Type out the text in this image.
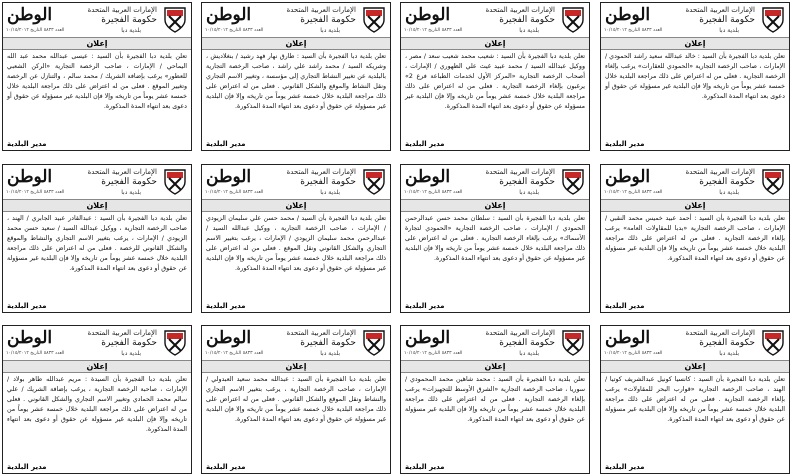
الإمارات العربية المتحدة
حكومة الفجيرة
بلدية دبا
الوطن
العدد ٥٨٣٣ التاريخ ١٠/١٥/٢٠١٢
إعلان
تعلن بلدية دبا الفجيرة بأن السيد : خالد عبدالله سعيد راشد الحمودي / الإمارات ، صاحب الرخصة التجارية «الحمودي للعقارات» يرغب بإلغاء الرخصة التجارية . فعلى من له اعتراض على ذلك مراجعة البلدية خلال خمسة عشر يوماً من تاريخه وإلا فإن البلدية غير مسؤولة عن حقوق أو دعوى بعد انتهاء المدة المذكورة.
مدير البلدية
الإمارات العربية المتحدة
حكومة الفجيرة
بلدية دبا
الوطن
العدد ٥٨٣٣ التاريخ ١٠/١٥/٢٠١٢
إعلان
تعلن بلدية دبا الفجيرة بأن السيد : شعيب محمد شعيب سعد / مصر ، ووكيل عبدالله السيد / محمد عبيد غيث علي الظهوري / الإمارات ، أصحاب الرخصة التجارية «المركز الأول لخدمات الطباعة فرع 2» يرغبون بإلغاء الرخصة التجارية . فعلى من له اعتراض على ذلك مراجعة البلدية خلال خمسة عشر يوماً من تاريخه وإلا فإن البلدية غير مسؤولة عن حقوق أو دعوى بعد انتهاء المدة المذكورة.
مدير البلدية
الإمارات العربية المتحدة
حكومة الفجيرة
بلدية دبا
الوطن
العدد ٥٨٣٣ التاريخ ١٠/١٥/٢٠١٢
إعلان
تعلن بلدية دبا الفجيرة بأن السيد : طارق نهار فهد رشيد / بنغلاديش ، وشريكه السيد / محمد راشد علي راشد ، صاحب الرخصة التجارية بالبلدية عن تغيير النشاط التجاري إلى مؤسسة ، وتغيير الاسم التجاري ونقل النشاط والموقع والشكل القانوني . فعلى من له اعتراض على ذلك مراجعة البلدية خلال خمسة عشر يوماً من تاريخه وإلا فإن البلدية غير مسؤولة عن حقوق أو دعوى بعد انتهاء المدة المذكورة.
مدير البلدية
الإمارات العربية المتحدة
حكومة الفجيرة
بلدية دبا
الوطن
العدد ٥٨٣٣ التاريخ ١٠/١٥/٢٠١٢
إعلان
تعلن بلدية دبا الفجيرة بأن السيد : عيسى عبدالله محمد عبد الله اليماحي / الإمارات ، صاحب الرخصة التجارية «الركن الشعبي للعطور» يرغب بإضافة الشريك / محمد سالم ، والتنازل عن الرخصة وتغيير الموقع . فعلى من له اعتراض على ذلك مراجعة البلدية خلال خمسة عشر يوماً من تاريخه وإلا فإن البلدية غير مسؤولة عن حقوق أو دعوى بعد انتهاء المدة المذكورة.
مدير البلدية
الإمارات العربية المتحدة
حكومة الفجيرة
بلدية دبا
الوطن
العدد ٥٨٣٣ التاريخ ١٠/١٥/٢٠١٢
إعلان
تعلن بلدية دبا الفجيرة بأن السيد : أحمد عبيد خميس محمد النقبي / الإمارات ، صاحب الرخصة التجارية «بدبا للمقاولات العامة» يرغب بإلغاء الرخصة التجارية . فعلى من له اعتراض على ذلك مراجعة البلدية خلال خمسة عشر يوماً من تاريخه وإلا فإن البلدية غير مسؤولة عن حقوق أو دعوى بعد انتهاء المدة المذكورة.
مدير البلدية
الإمارات العربية المتحدة
حكومة الفجيرة
بلدية دبا
الوطن
العدد ٥٨٣٣ التاريخ ١٠/١٥/٢٠١٢
إعلان
تعلن بلدية دبا الفجيرة بأن السيد : سلطان محمد حسن عبدالرحمن الحمودي / الإمارات ، صاحب الرخصة التجارية «الحمودي لتجارة الأسماك» يرغب بإلغاء الرخصة التجارية . فعلى من له اعتراض على ذلك مراجعة البلدية خلال خمسة عشر يوماً من تاريخه وإلا فإن البلدية غير مسؤولة عن حقوق أو دعوى بعد انتهاء المدة المذكورة.
مدير البلدية
الإمارات العربية المتحدة
حكومة الفجيرة
بلدية دبا
الوطن
العدد ٥٨٣٣ التاريخ ١٠/١٥/٢٠١٢
إعلان
تعلن بلدية دبا الفجيرة بأن السيد / محمد حسن علي سليمان الزيودي / الإمارات ، صاحب الرخصة التجارية ، ووكيل عبدالله السيد / عبدالرحمن محمد سليمان الزيودي / الإمارات ، يرغب بتغيير الاسم التجاري والشكل القانوني ونقل الموقع . فعلى من له اعتراض على ذلك مراجعة البلدية خلال خمسة عشر يوماً من تاريخه وإلا فإن البلدية غير مسؤولة عن حقوق أو دعوى بعد انتهاء المدة المذكورة.
مدير البلدية
الإمارات العربية المتحدة
حكومة الفجيرة
بلدية دبا
الوطن
العدد ٥٨٣٣ التاريخ ١٠/١٥/٢٠١٢
إعلان
تعلن بلدية دبا الفجيرة بأن السيد : عبدالقادر عبيد الجابري / الهند ، صاحب الرخصة التجارية ، ووكيل عبدالله السيد / سعيد حسن محمد الزيودي / الإمارات ، يرغب بتغيير الاسم التجاري والنشاط والموقع والشكل القانوني للرخصة . فعلى من له اعتراض على ذلك مراجعة البلدية خلال خمسة عشر يوماً من تاريخه وإلا فإن البلدية غير مسؤولة عن حقوق أو دعوى بعد انتهاء المدة المذكورة.
مدير البلدية
الإمارات العربية المتحدة
حكومة الفجيرة
بلدية دبا
الوطن
العدد ٥٨٣٣ التاريخ ١٠/١٥/٢٠١٢
إعلان
تعلن بلدية دبا الفجيرة بأن السيد : كانسيا كونيل عبدالشريف كوتيا / الهند ، صاحب الرخصة التجارية «قوارب البحر للمقاولات» يرغب بإلغاء الرخصة التجارية . فعلى من له اعتراض على ذلك مراجعة البلدية خلال خمسة عشر يوماً من تاريخه وإلا فإن البلدية غير مسؤولة عن حقوق أو دعوى بعد انتهاء المدة المذكورة.
مدير البلدية
الإمارات العربية المتحدة
حكومة الفجيرة
بلدية دبا
الوطن
العدد ٥٨٣٣ التاريخ ١٠/١٥/٢٠١٢
إعلان
تعلن بلدية دبا الفجيرة بأن السيد : محمد شاهين محمد المحمودي / سوريا ، صاحب الرخصة التجارية «الشرق الأوسط للتجهيزات» يرغب بإلغاء الرخصة التجارية . فعلى من له اعتراض على ذلك مراجعة البلدية خلال خمسة عشر يوماً من تاريخه وإلا فإن البلدية غير مسؤولة عن حقوق أو دعوى بعد انتهاء المدة المذكورة.
مدير البلدية
الإمارات العربية المتحدة
حكومة الفجيرة
بلدية دبا
الوطن
العدد ٥٨٣٣ التاريخ ١٠/١٥/٢٠١٢
إعلان
تعلن بلدية دبا الفجيرة بأن السيد : عبدالله محمد سعيد العبدولي / الإمارات ، صاحب الرخصة التجارية ، يرغب بتغيير الاسم التجاري والنشاط ونقل الموقع والشكل القانوني . فعلى من له اعتراض على ذلك مراجعة البلدية خلال خمسة عشر يوماً من تاريخه وإلا فإن البلدية غير مسؤولة عن حقوق أو دعوى بعد انتهاء المدة المذكورة.
مدير البلدية
الإمارات العربية المتحدة
حكومة الفجيرة
بلدية دبا
الوطن
العدد ٥٨٣٣ التاريخ ١٠/١٥/٢٠١٢
إعلان
تعلن بلدية دبا الفجيرة بأن السيدة : مريم عبدالله طاهر بولاد / الإمارات ، صاحبة الرخصة التجارية ، يرغب بإضافة الشريك / علي سالم محمد الحمادي وتغيير الاسم التجاري والشكل القانوني . فعلى من له اعتراض على ذلك مراجعة البلدية خلال خمسة عشر يوماً من تاريخه وإلا فإن البلدية غير مسؤولة عن حقوق أو دعوى بعد انتهاء المدة المذكورة.
مدير البلدية
